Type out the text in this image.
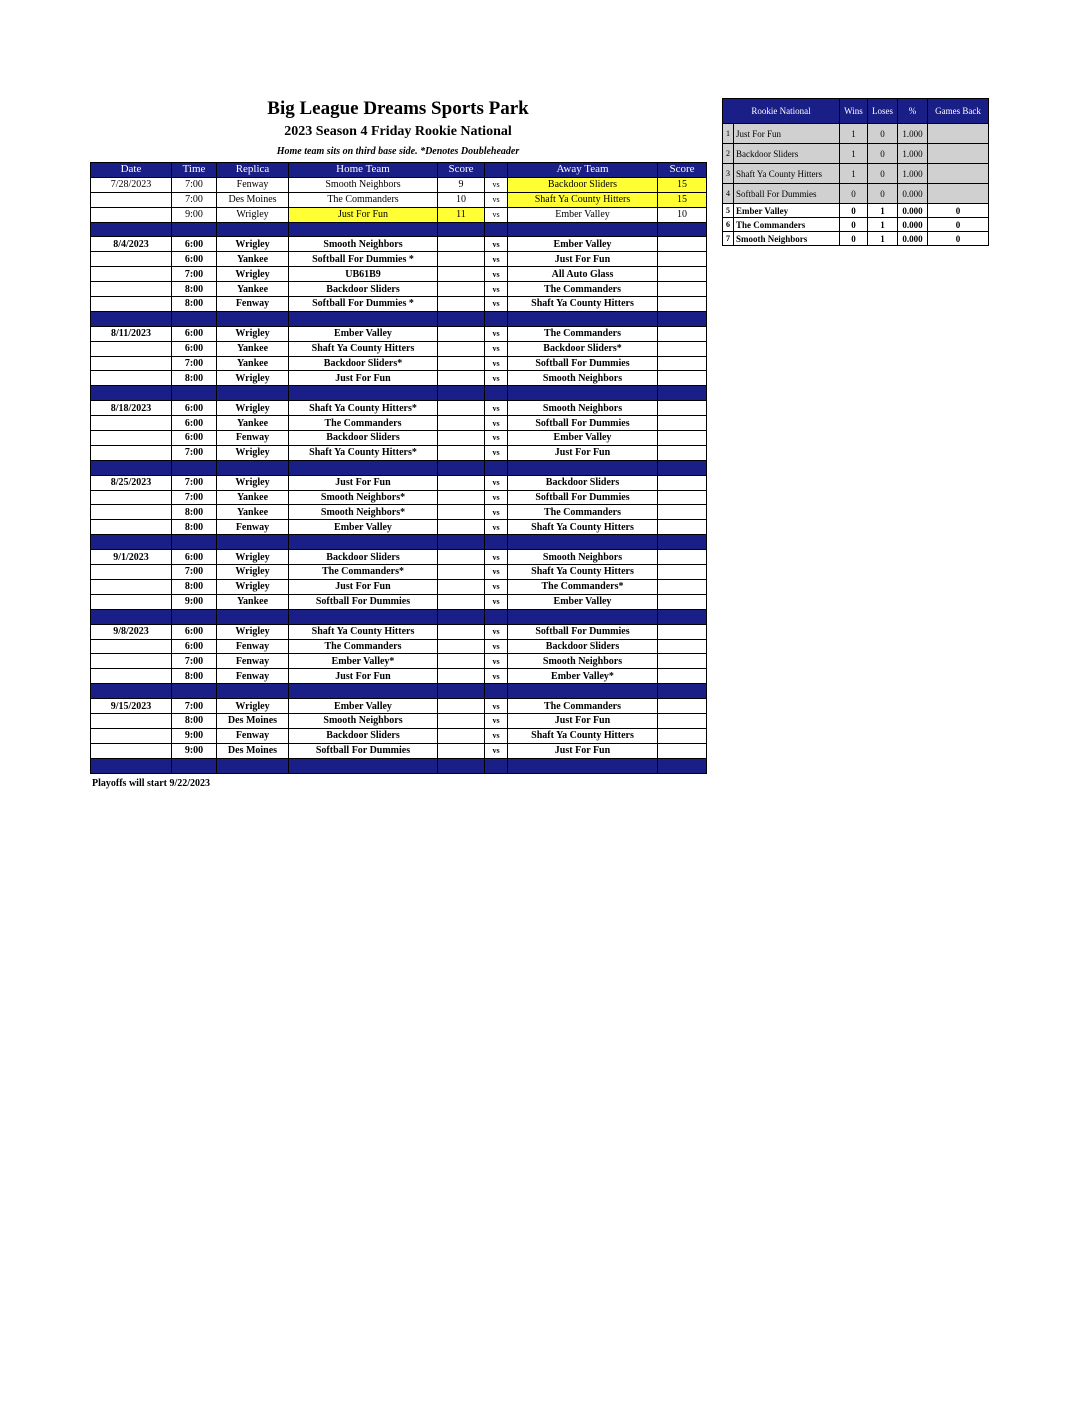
Big League Dreams Sports Park
2023 Season 4 Friday Rookie National
Home team sits on third base side. *Denotes Doubleheader
Date	Time	Replica	Home Team	Score		Away Team	Score
7/28/2023	7:00	Fenway	Smooth Neighbors	9	vs	Backdoor Sliders	15
	7:00	Des Moines	The Commanders	10	vs	Shaft Ya County Hitters	15
	9:00	Wrigley	Just For Fun	11	vs	Ember Valley	10

8/4/2023	6:00	Wrigley	Smooth Neighbors		vs	Ember Valley	
	6:00	Yankee	Softball For Dummies *		vs	Just For Fun	
	7:00	Wrigley	UB61B9		vs	All Auto Glass	
	8:00	Yankee	Backdoor Sliders		vs	The Commanders	
	8:00	Fenway	Softball For Dummies *		vs	Shaft Ya County Hitters	

8/11/2023	6:00	Wrigley	Ember Valley		vs	The Commanders	
	6:00	Yankee	Shaft Ya County Hitters		vs	Backdoor Sliders*	
	7:00	Yankee	Backdoor Sliders*		vs	Softball For Dummies	
	8:00	Wrigley	Just For Fun		vs	Smooth Neighbors	

8/18/2023	6:00	Wrigley	Shaft Ya County Hitters*		vs	Smooth Neighbors	
	6:00	Yankee	The Commanders		vs	Softball For Dummies	
	6:00	Fenway	Backdoor Sliders		vs	Ember Valley	
	7:00	Wrigley	Shaft Ya County Hitters*		vs	Just For Fun	

8/25/2023	7:00	Wrigley	Just For Fun		vs	Backdoor Sliders	
	7:00	Yankee	Smooth Neighbors*		vs	Softball For Dummies	
	8:00	Yankee	Smooth Neighbors*		vs	The Commanders	
	8:00	Fenway	Ember Valley		vs	Shaft Ya County Hitters	

9/1/2023	6:00	Wrigley	Backdoor Sliders		vs	Smooth Neighbors	
	7:00	Wrigley	The Commanders*		vs	Shaft Ya County Hitters	
	8:00	Wrigley	Just For Fun		vs	The Commanders*	
	9:00	Yankee	Softball For Dummies		vs	Ember Valley	

9/8/2023	6:00	Wrigley	Shaft Ya County Hitters		vs	Softball For Dummies	
	6:00	Fenway	The Commanders		vs	Backdoor Sliders	
	7:00	Fenway	Ember Valley*		vs	Smooth Neighbors	
	8:00	Fenway	Just For Fun		vs	Ember Valley*	

9/15/2023	7:00	Wrigley	Ember Valley		vs	The Commanders	
	8:00	Des Moines	Smooth Neighbors		vs	Just For Fun	
	9:00	Fenway	Backdoor Sliders		vs	Shaft Ya County Hitters	
	9:00	Des Moines	Softball For Dummies		vs	Just For Fun	

Playoffs will start 9/22/2023
Rookie National		Wins	Loses	%	Games Back
1	Just For Fun	1	0	1.000	
2	Backdoor Sliders	1	0	1.000	
3	Shaft Ya County Hitters	1	0	1.000	
4	Softball For Dummies	0	0	0.000	
5	Ember Valley	0	1	0.000	0
6	The Commanders	0	1	0.000	0
7	Smooth Neighbors	0	1	0.000	0
